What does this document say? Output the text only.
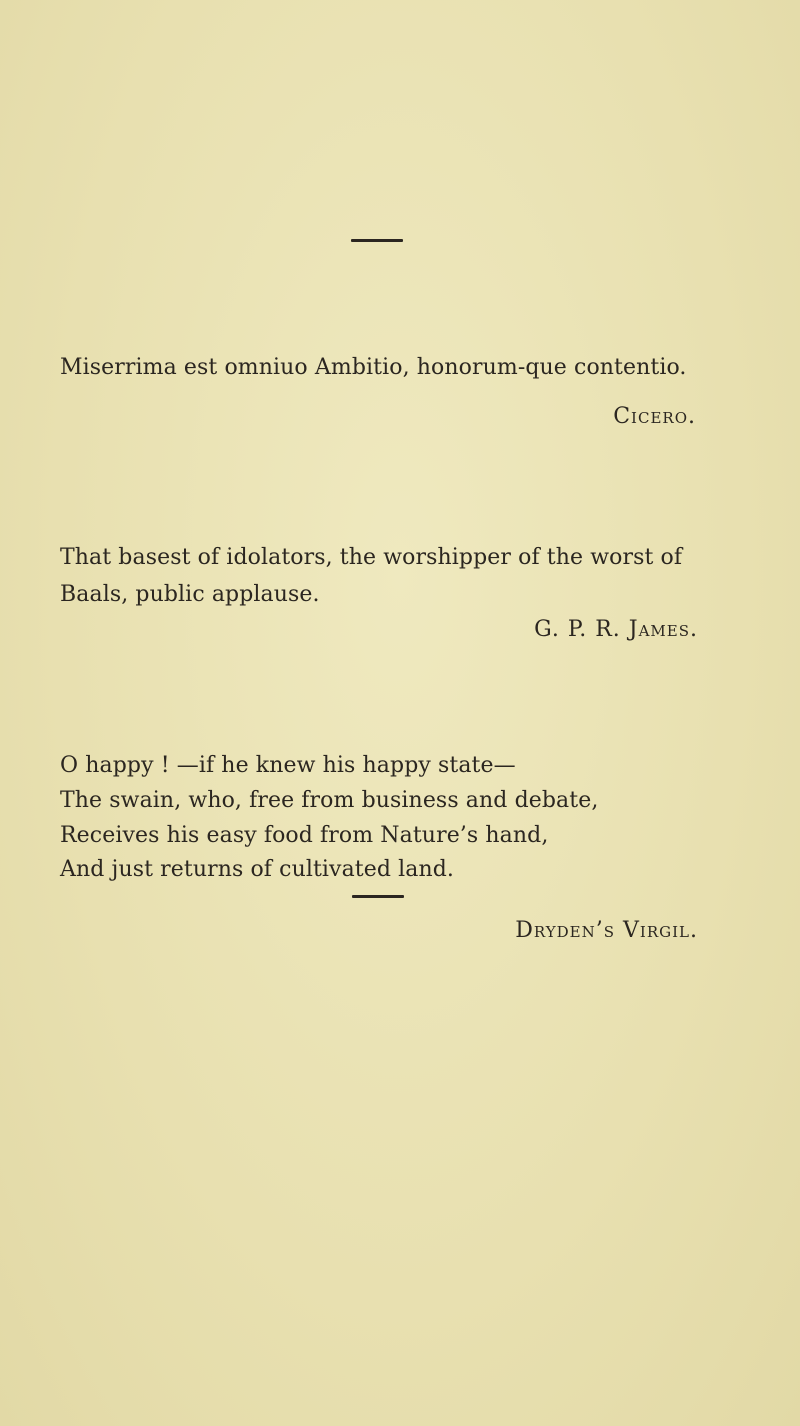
Miserrima est omniuo Ambitio, honorum-que contentio.
Cicero.
That basest of idolators, the worshipper of the worst of
Baals, public applause.
G. P. R. James.
O happy ! —if he knew his happy state—
The swain, who, free from business and debate,
Receives his easy food from Nature’s hand,
And just returns of cultivated land.
Dryden’s Virgil.
